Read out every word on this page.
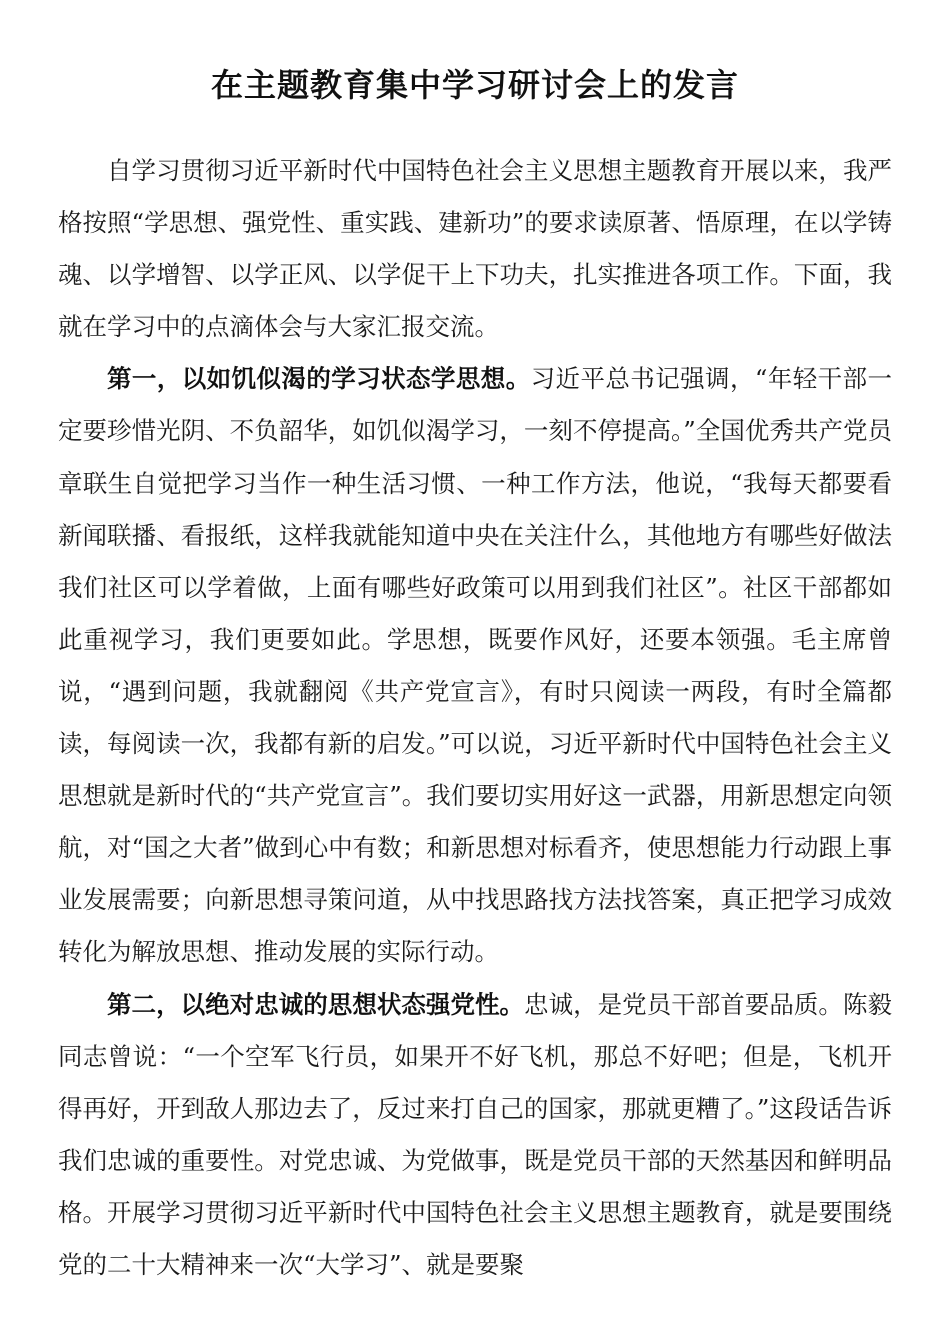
在主题教育集中学习研讨会上的发言

自学习贯彻习近平新时代中国特色社会主义思想主题教育开展以来，我严格按照“学思想、强党性、重实践、建新功”的要求读原著、悟原理，在以学铸魂、以学增智、以学正风、以学促干上下功夫，扎实推进各项工作。下面，我就在学习中的点滴体会与大家汇报交流。

第一，以如饥似渴的学习状态学思想。习近平总书记强调，“年轻干部一定要珍惜光阴、不负韶华，如饥似渴学习，一刻不停提高。”全国优秀共产党员章联生自觉把学习当作一种生活习惯、一种工作方法，他说，“我每天都要看新闻联播、看报纸，这样我就能知道中央在关注什么，其他地方有哪些好做法我们社区可以学着做，上面有哪些好政策可以用到我们社区”。社区干部都如此重视学习，我们更要如此。学思想，既要作风好，还要本领强。毛主席曾说，“遇到问题，我就翻阅《共产党宣言》，有时只阅读一两段，有时全篇都读，每阅读一次，我都有新的启发。”可以说，习近平新时代中国特色社会主义思想就是新时代的“共产党宣言”。我们要切实用好这一武器，用新思想定向领航，对“国之大者”做到心中有数；和新思想对标看齐，使思想能力行动跟上事业发展需要；向新思想寻策问道，从中找思路找方法找答案，真正把学习成效转化为解放思想、推动发展的实际行动。

第二，以绝对忠诚的思想状态强党性。忠诚，是党员干部首要品质。陈毅同志曾说：“一个空军飞行员，如果开不好飞机，那总不好吧；但是，飞机开得再好，开到敌人那边去了，反过来打自己的国家，那就更糟了。”这段话告诉我们忠诚的重要性。对党忠诚、为党做事，既是党员干部的天然基因和鲜明品格。开展学习贯彻习近平新时代中国特色社会主义思想主题教育，就是要围绕党的二十大精神来一次“大学习”、就是要聚
